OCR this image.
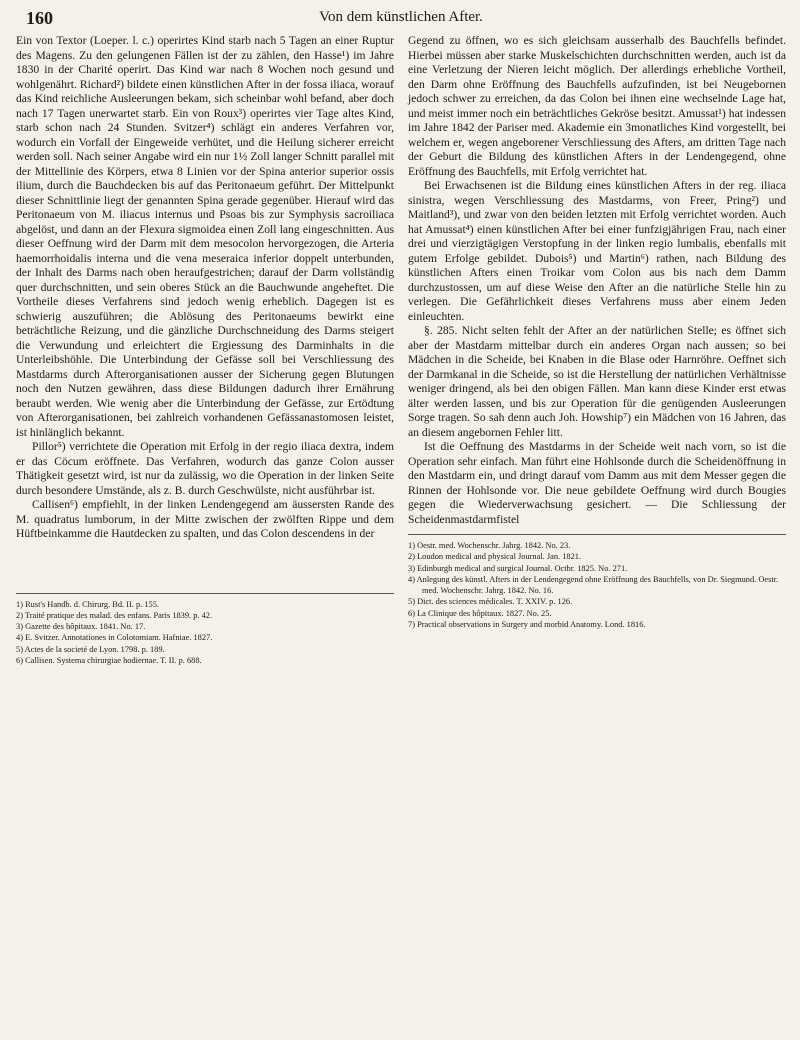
160	Von dem künstlichen After.

Ein von Textor (Loeper. l. c.) operirtes Kind starb nach 5 Tagen an einer Ruptur des Magens. Zu den gelungenen Fällen ist der zu zählen, den Hasse¹) im Jahre 1830 in der Charité operirt. Das Kind war nach 8 Wochen noch gesund und wohlgenährt. Richard²) bildete einen künstlichen After in der fossa iliaca, worauf das Kind reichliche Ausleerungen bekam, sich scheinbar wohl befand, aber doch nach 17 Tagen unerwartet starb. Ein von Roux³) operirtes vier Tage altes Kind, starb schon nach 24 Stunden. Svitzer⁴) schlägt ein anderes Verfahren vor, wodurch ein Vorfall der Eingeweide verhütet, und die Heilung sicherer erreicht werden soll. Nach seiner Angabe wird ein nur 1½ Zoll langer Schnitt parallel mit der Mittellinie des Körpers, etwa 8 Linien vor der Spina anterior superior ossis ilium, durch die Bauchdecken bis auf das Peritonaeum geführt. Der Mittelpunkt dieser Schnittlinie liegt der genannten Spina gerade gegenüber. Hierauf wird das Peritonaeum von M. iliacus internus und Psoas bis zur Symphysis sacroiliaca abgelöst, und dann an der Flexura sigmoidea einen Zoll lang eingeschnitten. Aus dieser Oeffnung wird der Darm mit dem mesocolon hervorgezogen, die Arteria haemorrhoidalis interna und die vena meseraica inferior doppelt unterbunden, der Inhalt des Darms nach oben heraufgestrichen; darauf der Darm vollständig quer durchschnitten, und sein oberes Stück an die Bauchwunde angeheftet. Die Vortheile dieses Verfahrens sind jedoch wenig erheblich. Dagegen ist es schwierig auszuführen; die Ablösung des Peritonaeums bewirkt eine beträchtliche Reizung, und die gänzliche Durchschneidung des Darms steigert die Verwundung und erleichtert die Ergiessung des Darminhalts in die Unterleibshöhle. Die Unterbindung der Gefässe soll bei Verschliessung des Mastdarms durch Afterorganisationen ausser der Sicherung gegen Blutungen noch den Nutzen gewähren, dass diese Bildungen dadurch ihrer Ernährung beraubt werden. Wie wenig aber die Unterbindung der Gefässe, zur Ertödtung von Afterorganisationen, bei zahlreich vorhandenen Gefässanastomosen leistet, ist hinlänglich bekannt.

Pillor⁵) verrichtete die Operation mit Erfolg in der regio iliaca dextra, indem er das Cöcum eröffnete. Das Verfahren, wodurch das ganze Colon ausser Thätigkeit gesetzt wird, ist nur da zulässig, wo die Operation in der linken Seite durch besondere Umstände, als z. B. durch Geschwülste, nicht ausführbar ist.

Callisen⁶) empfiehlt, in der linken Lendengegend am äussersten Rande des M. quadratus lumborum, in der Mitte zwischen der zwölften Rippe und dem Hüftbeinkamme die Hautdecken zu spalten, und das Colon descendens in der

1) Rust's Handb. d. Chirurg. Bd. II. p. 155.
2) Traité pratique des malad. des enfans. Paris 1839. p. 42.
3) Gazette des hôpitaux. 1841. No. 17.
4) E. Svitzer. Annotationes in Colotomiam. Hafniae. 1827.
5) Actes de la societé de Lyon. 1798. p. 189.
6) Callisen. Systema chirurgiae hodiernae. T. II. p. 688.

Gegend zu öffnen, wo es sich gleichsam ausserhalb des Bauchfells befindet. Hierbei müssen aber starke Muskelschichten durchschnitten werden, auch ist da eine Verletzung der Nieren leicht möglich. Der allerdings erhebliche Vortheil, den Darm ohne Eröffnung des Bauchfells aufzufinden, ist bei Neugebornen jedoch schwer zu erreichen, da das Colon bei ihnen eine wechselnde Lage hat, und meist immer noch ein beträchtliches Gekröse besitzt. Amussat¹) hat indessen im Jahre 1842 der Pariser med. Akademie ein 3monatliches Kind vorgestellt, bei welchem er, wegen angeborener Verschliessung des Afters, am dritten Tage nach der Geburt die Bildung des künstlichen Afters in der Lendengegend, ohne Eröffnung des Bauchfells, mit Erfolg verrichtet hat.

Bei Erwachsenen ist die Bildung eines künstlichen Afters in der reg. iliaca sinistra, wegen Verschliessung des Mastdarms, von Freer, Pring²) und Maitland³), und zwar von den beiden letzten mit Erfolg verrichtet worden. Auch hat Amussat⁴) einen künstlichen After bei einer funfzigjährigen Frau, nach einer drei und vierzigtägigen Verstopfung in der linken regio lumbalis, ebenfalls mit gutem Erfolge gebildet. Dubois⁵) und Martin⁶) rathen, nach Bildung des künstlichen Afters einen Troikar vom Colon aus bis nach dem Damm durchzustossen, um auf diese Weise den After an die natürliche Stelle hin zu verlegen. Die Gefährlichkeit dieses Verfahrens muss aber einem Jeden einleuchten.

§. 285. Nicht selten fehlt der After an der natürlichen Stelle; es öffnet sich aber der Mastdarm mittelbar durch ein anderes Organ nach aussen; so bei Mädchen in die Scheide, bei Knaben in die Blase oder Harnröhre. Oeffnet sich der Darmkanal in die Scheide, so ist die Herstellung der natürlichen Verhältnisse weniger dringend, als bei den obigen Fällen. Man kann diese Kinder erst etwas älter werden lassen, und bis zur Operation für die genügenden Ausleerungen Sorge tragen. So sah denn auch Joh. Howship⁷) ein Mädchen von 16 Jahren, das an diesem angebornen Fehler litt.

Ist die Oeffnung des Mastdarms in der Scheide weit nach vorn, so ist die Operation sehr einfach. Man führt eine Hohlsonde durch die Scheidenöffnung in den Mastdarm ein, und dringt darauf vom Damm aus mit dem Messer gegen die Rinnen der Hohlsonde vor. Die neue gebildete Oeffnung wird durch Bougies gegen die Wiederverwachsung gesichert. — Die Schliessung der Scheidenmastdarmfistel

1) Oestr. med. Wochenschr. Jahrg. 1842. No. 23.
2) Loudon medical and physical Journal. Jan. 1821.
3) Edinburgh medical and surgical Journal. Octbr. 1825. No. 271.
4) Anlegung des künstl. Afters in der Lendengegend ohne Eröffnung des Bauchfells, von Dr. Siegmund. Oestr. med. Wochenschr. Jahrg. 1842. No. 16.
5) Dict. des sciences médicales. T. XXIV. p. 126.
6) La Clinique des hôpitaux. 1827. No. 25.
7) Practical observations in Surgery and morbid Anatomy. Lond. 1816.
